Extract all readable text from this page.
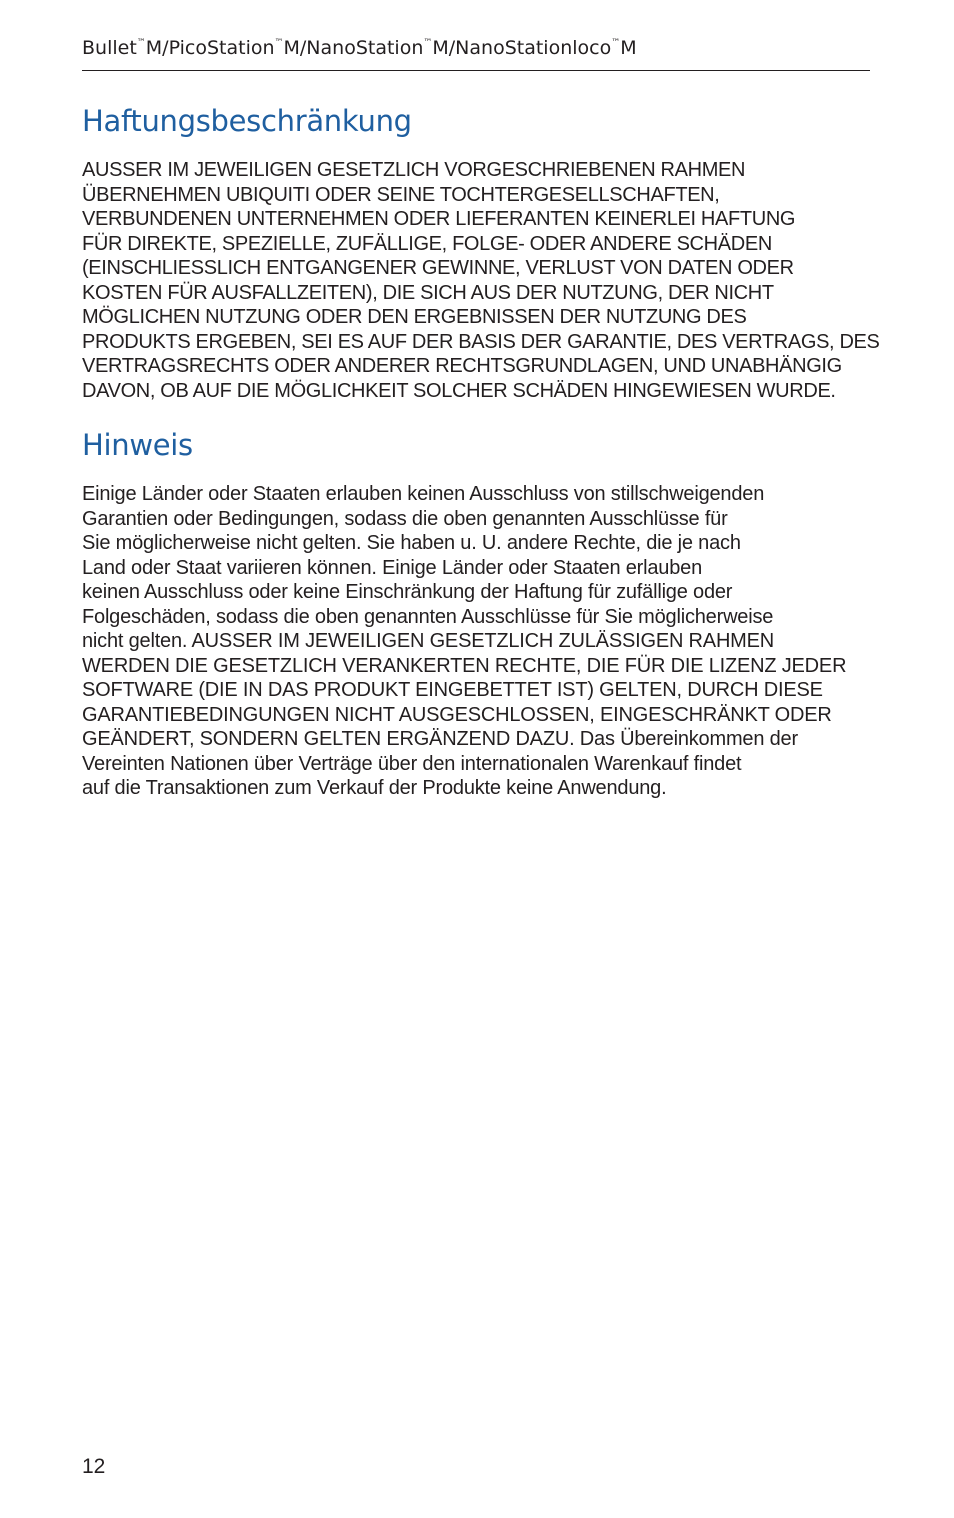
Bullet™M/PicoStation™M/NanoStation™M/NanoStationloco™M
Haftungsbeschränkung
AUSSER IM JEWEILIGEN GESETZLICH VORGESCHRIEBENEN RAHMEN
ÜBERNEHMEN UBIQUITI ODER SEINE TOCHTERGESELLSCHAFTEN,
VERBUNDENEN UNTERNEHMEN ODER LIEFERANTEN KEINERLEI HAFTUNG
FÜR DIREKTE, SPEZIELLE, ZUFÄLLIGE, FOLGE- ODER ANDERE SCHÄDEN
(EINSCHLIESSLICH ENTGANGENER GEWINNE, VERLUST VON DATEN ODER
KOSTEN FÜR AUSFALLZEITEN), DIE SICH AUS DER NUTZUNG, DER NICHT
MÖGLICHEN NUTZUNG ODER DEN ERGEBNISSEN DER NUTZUNG DES
PRODUKTS ERGEBEN, SEI ES AUF DER BASIS DER GARANTIE, DES VERTRAGS, DES
VERTRAGSRECHTS ODER ANDERER RECHTSGRUNDLAGEN, UND UNABHÄNGIG
DAVON, OB AUF DIE MÖGLICHKEIT SOLCHER SCHÄDEN HINGEWIESEN WURDE.
Hinweis
Einige Länder oder Staaten erlauben keinen Ausschluss von stillschweigenden
Garantien oder Bedingungen, sodass die oben genannten Ausschlüsse für
Sie möglicherweise nicht gelten. Sie haben u. U. andere Rechte, die je nach
Land oder Staat variieren können. Einige Länder oder Staaten erlauben
keinen Ausschluss oder keine Einschränkung der Haftung für zufällige oder
Folgeschäden, sodass die oben genannten Ausschlüsse für Sie möglicherweise
nicht gelten. AUSSER IM JEWEILIGEN GESETZLICH ZULÄSSIGEN RAHMEN
WERDEN DIE GESETZLICH VERANKERTEN RECHTE, DIE FÜR DIE LIZENZ JEDER
SOFTWARE (DIE IN DAS PRODUKT EINGEBETTET IST) GELTEN, DURCH DIESE
GARANTIEBEDINGUNGEN NICHT AUSGESCHLOSSEN, EINGESCHRÄNKT ODER
GEÄNDERT, SONDERN GELTEN ERGÄNZEND DAZU. Das Übereinkommen der
Vereinten Nationen über Verträge über den internationalen Warenkauf findet
auf die Transaktionen zum Verkauf der Produkte keine Anwendung.
12
